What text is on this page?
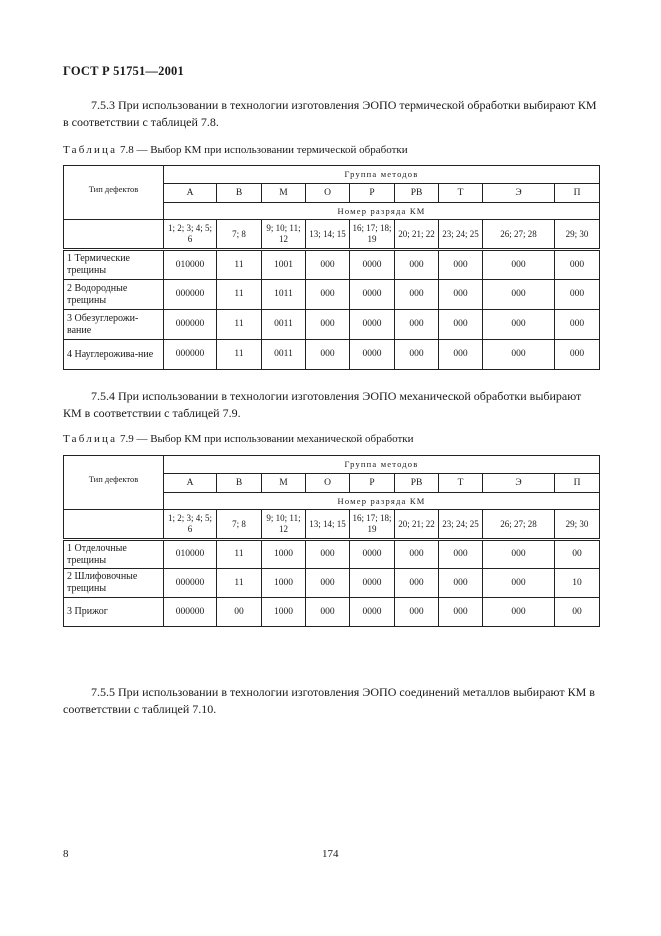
ГОСТ Р 51751—2001
7.5.3 При использовании в технологии изготовления ЭОПО термической обработки выбирают КМ в соответствии с таблицей 7.8.
Таблица 7.8 — Выбор КМ при использовании термической обработки
Тип дефектов	Группа методов								
	А	В	М	О	Р	РВ	Т	Э	П
	Номер разряда КМ								
	1; 2; 3; 4; 5; 6	7; 8	9; 10; 11; 12	13; 14; 15	16; 17; 18; 19	20; 21; 22	23; 24; 25	26; 27; 28	29; 30
1 Термические трещины	010000	11	1001	000	0000	000	000	000	000
2 Водородные трещины	000000	11	1011	000	0000	000	000	000	000
3 Обезуглерожи-вание	000000	11	0011	000	0000	000	000	000	000
4 Науглерожива-ние	000000	11	0011	000	0000	000	000	000	000
7.5.4 При использовании в технологии изготовления ЭОПО механической обработки выбирают КМ в соответствии с таблицей 7.9.
Таблица 7.9 — Выбор КМ при использовании механической обработки
Тип дефектов	Группа методов								
	А	В	М	О	Р	РВ	Т	Э	П
	Номер разряда КМ								
	1; 2; 3; 4; 5; 6	7; 8	9; 10; 11; 12	13; 14; 15	16; 17; 18; 19	20; 21; 22	23; 24; 25	26; 27; 28	29; 30
1 Отделочные трещины	010000	11	1000	000	0000	000	000	000	00
2 Шлифовочные трещины	000000	11	1000	000	0000	000	000	000	10
3 Прижог	000000	00	1000	000	0000	000	000	000	00
7.5.5 При использовании в технологии изготовления ЭОПО соединений металлов выбирают КМ в соответствии с таблицей 7.10.
8	174
